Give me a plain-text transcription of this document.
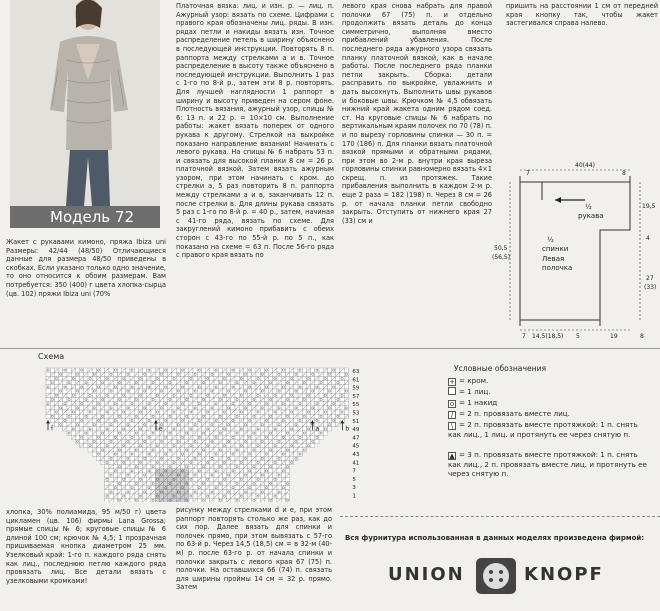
Модель 72
Жакет с рукавами кимоно, пряжа Ibiza uni Размеры: 42/44 (48/50) Отличающиеся данные для размера 48/50 приведены в скобках. Если указано только одно значение, то оно относится к обоим размерам. Вам потребуется: 350 (400) г цвета хлопка-сырца (цв. 102) пряжи Ibiza uni (70%
Платочная вязка: лиц. и изн. р. — лиц. п. Ажурный узор: вязать по схеме. Цифрами с правого края обозначены лиц. ряды. В изн. рядах петли и накиды вязать изн. Точное распределение петель в ширину объяснено в последующей инструкции. Повторять 8 п. раппорта между стрелками а и в. Точное распределение в высоту также объяснено в последующей инструкции. Выполнить 1 раз с 1-го по 8-й р., затем эти 8 р. повторять. Для лучшей наглядности 1 раппорт в ширину и высоту приведен на сером фоне. Плотность вязания, ажурный узор, спицы № 6: 13 п. и 22 р. = 10×10 см. Выполнение работы: жакет вязать поперек от одного рукава к другому. Стрелкой на выкройке показано направление вязания! Начинать с левого рукава. На спицы № 6 набрать 53 п. и связать для высокой планки 8 см = 26 р. платочной вязкой. Затем вязать ажурным узором, при этом начинать с кром. до стрелки а, 5 раз повторить 8 п. раппорта между стрелками а и в, заканчивать 12 п. после стрелки в. Для длины рукава связать 5 раз с 1-го по 8-й р. = 40 р., затем, начиная с 41-го ряда, вязать по схеме. Для закруглений кимоно прибавить с обеих сторон с 43-го по 55-й р. по 5 п., как показано на схеме = 63 п. После 56-го ряда с правого края вязать по
левого края снова набрать для правой полочки 67 (75) п. и отдельно продолжить вязать деталь до конца симметрично, выполняя вместо прибавлений убавления. После последнего ряда ажурного узора связать планку платочной вязкой, как в начале работы. После последнего ряда планки петли закрыть. Сборка: детали расправить по выкройке, увлажнить и дать высохнуть. Выполнить швы рукавов и боковые швы. Крючком № 4,5 обвязать нижний край жакета одним рядом соед. ст. На круговые спицы № 6 набрать по вертикальным краям полочек по 70 (78) п. и по вырезу горловины спинки — 30 п. = 170 (186) п. Для планки вязать платочной вязкой прямыми и обратными рядами, при этом во 2-м р. внутри края выреза горловины спинки равномерно вязать 4×1 скрещ. п. из протяжек. Такие прибавления выполнить в каждом 2-м р. еще 2 раза = 182 (198) п. Через 8 см = 26 р. от начала планки петли свободно закрыть. Отступить от нижнего края 27 (33) см и
пришить на расстоянии 1 см от передней края кнопку так, чтобы жакет застегивался справа налево.
½
рукава
½
спинки
Левая
полочка
7
40(44)
8
50,5
(56,5)
19,5
4
27
(33)
7 14,5(18,5) 5	19	8
Схема
63
61
59
57
55
53
51
49
47
45
43
41
7
5
3
1
f	e	a	b
Условные обозначения
+ = кром.
= 1 лиц.
o = 1 накид
/ = 2 п. провязать вместе лиц.
\ = 2 п. провязать вместе протяжкой: 1 п. снять как лиц., 1 лиц. и протянуть ее через снятую п.
▲ = 3 п. провязать вместе протяжкой: 1 п. снять как лиц., 2 п. провязать вместе лиц. и протянуть ее через снятую п.
хлопка, 30% полиамида, 95 м/50 г) цвета цикламен (цв. 106) фирмы Lana Grossa; прямые спицы № 6; круговые спицы № 6 длиной 100 см; крючок № 4,5; 1 прозрачная пришиваемая кнопка диаметром 25 мм. Узелковый край: 1-го п. каждого ряда снять как лиц., последнюю петлю каждого ряда провязать лиц. Все детали вязать с узелковыми кромками!
рисунку между стрелками d и e, при этом раппорт повторять столько же раз, как до сих пор. Далее вязать для спинки и полочек прямо, при этом вывязать с 57-го по 63-й р. Через 14,5 (18,5) см = в 32-м (40-м) р. после 63-го р. от начала спинки и полочки закрыть с левого края 67 (75) п. полочки. На оставшихся 66 (74) п. связать для ширины проймы 14 см = 32 р. прямо. Затем
Вся фурнитура использованная в данных моделях произведена фирмой:
UNION	KNOPF
